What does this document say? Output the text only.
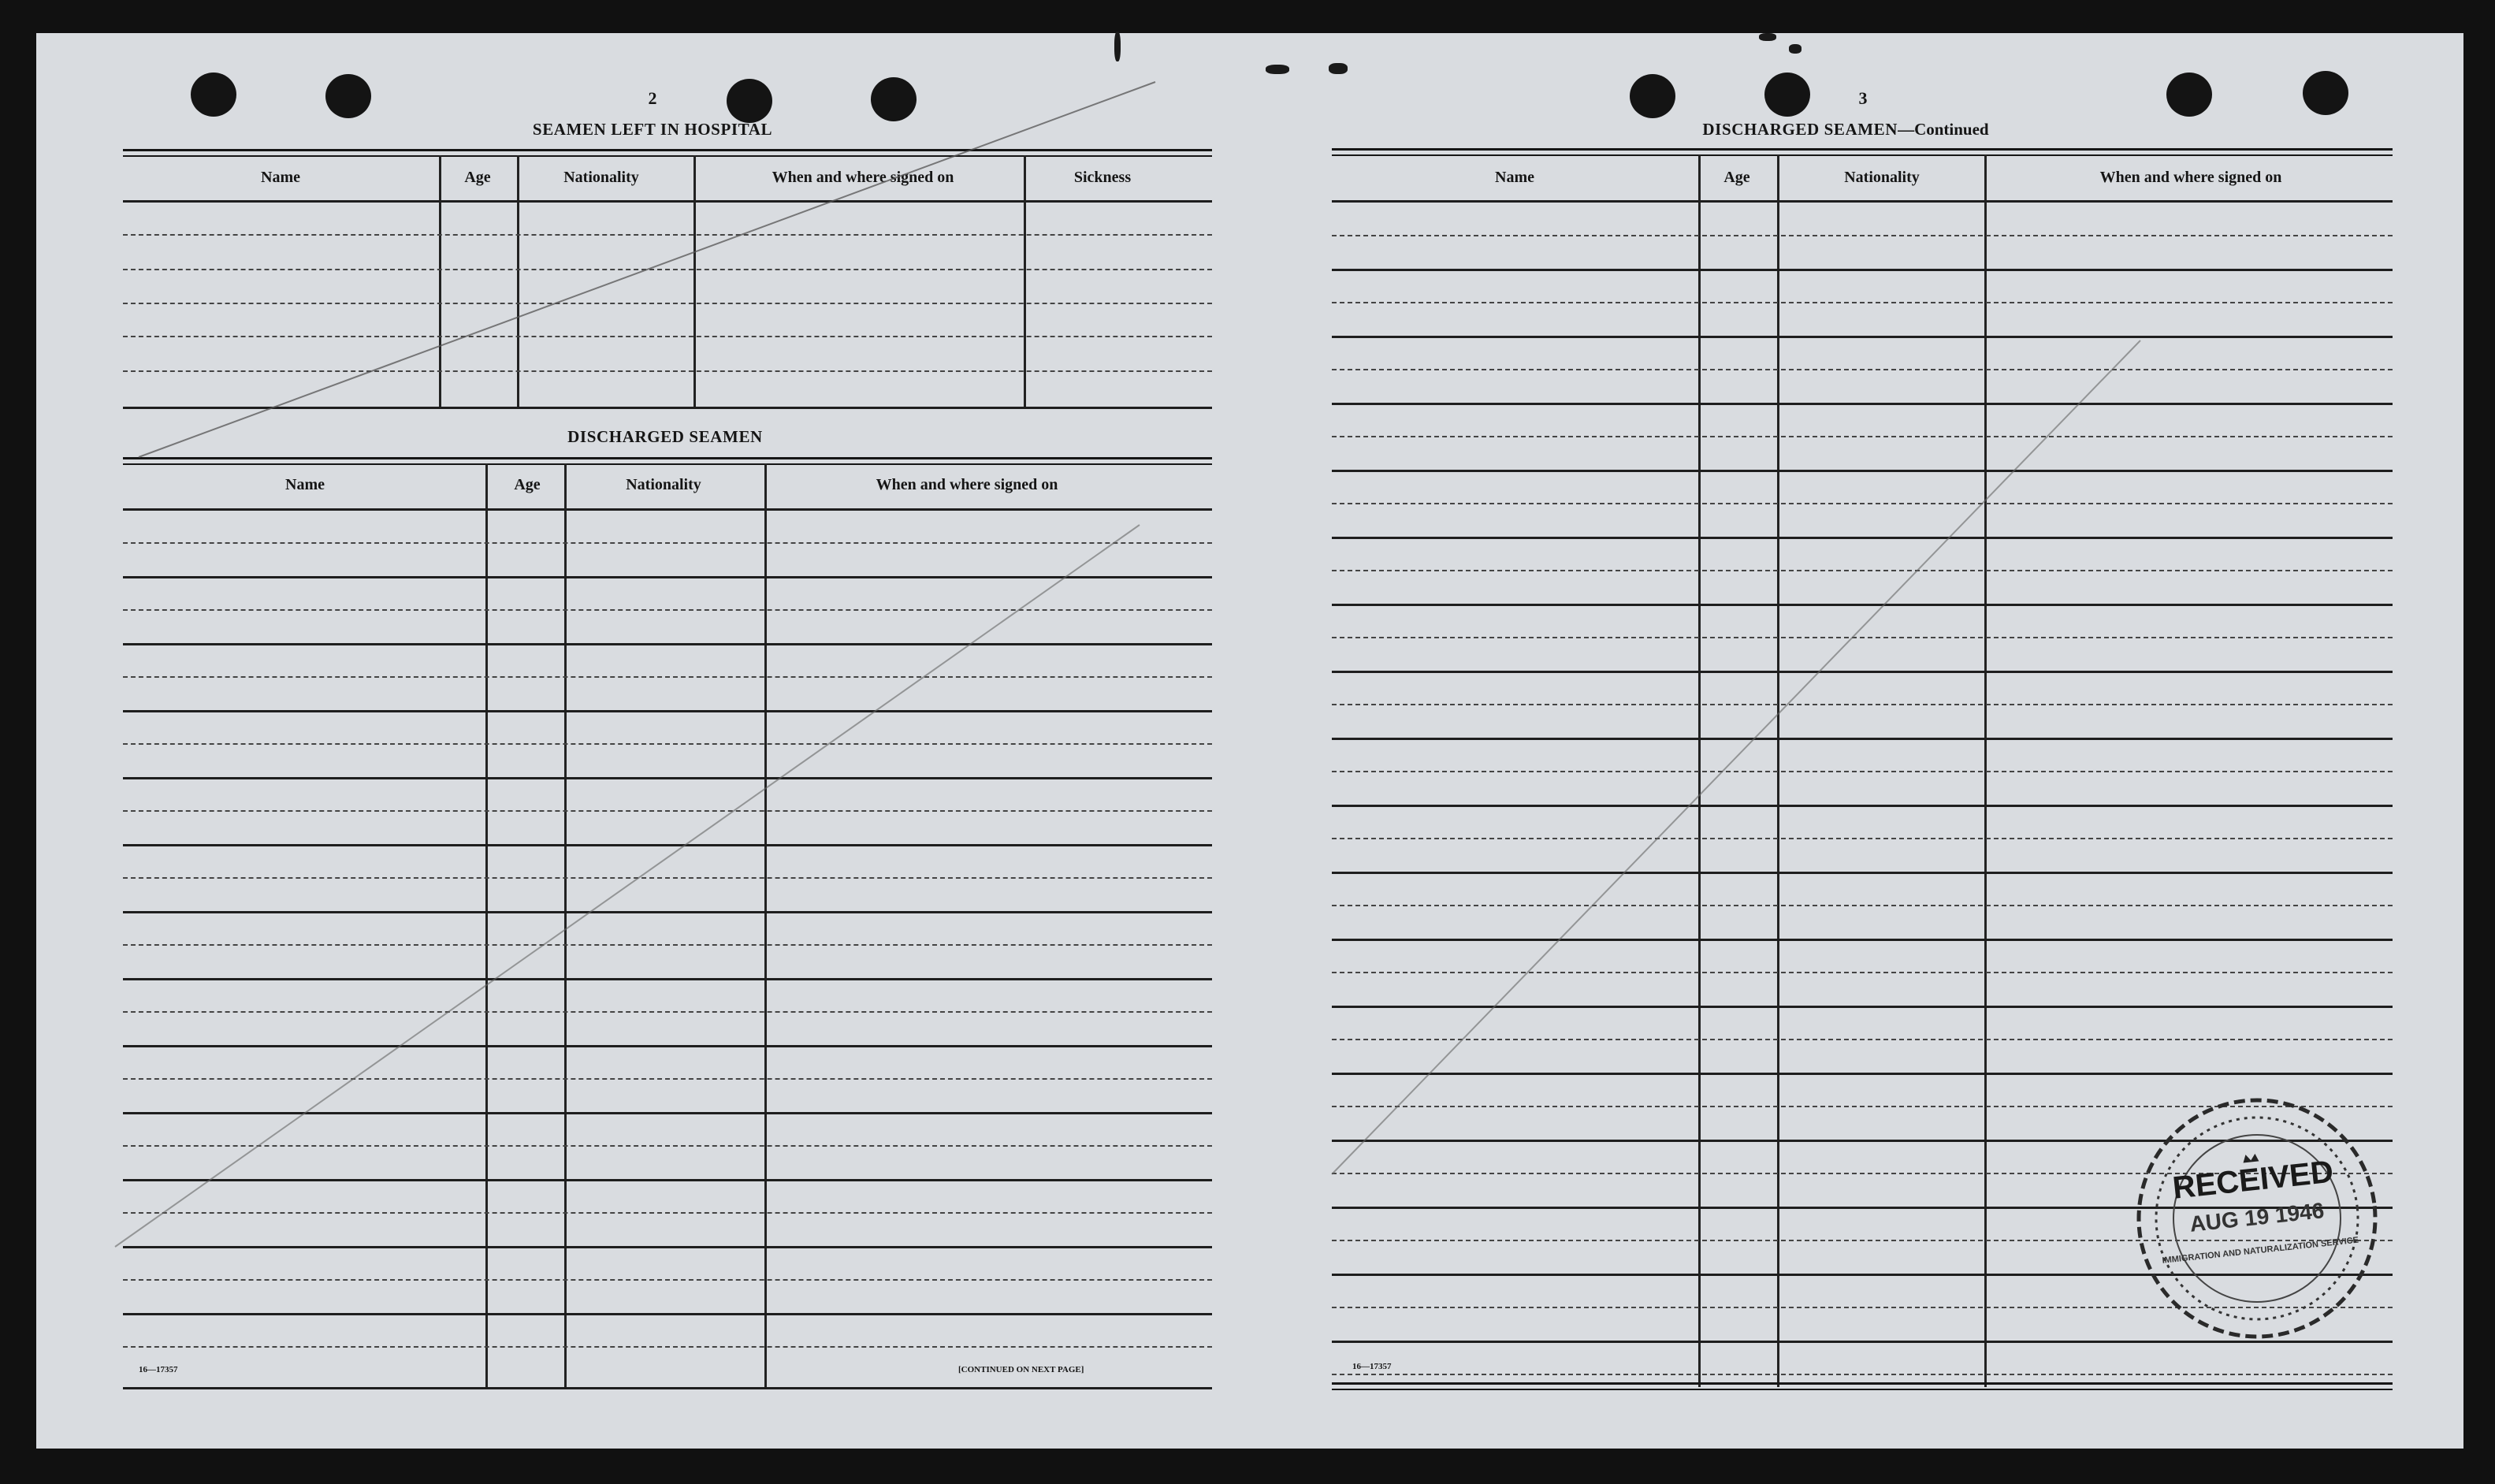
2
SEAMEN LEFT IN HOSPITAL
Name	Age	Nationality	When and where signed on	Sickness
DISCHARGED SEAMEN
Name	Age	Nationality	When and where signed on
16—17357	[CONTINUED ON NEXT PAGE]
3
DISCHARGED SEAMEN—Continued
Name	Age	Nationality	When and where signed on
16—17357
RECEIVED
AUG 19 1946
IMMIGRATION AND NATURALIZATION SERVICE
